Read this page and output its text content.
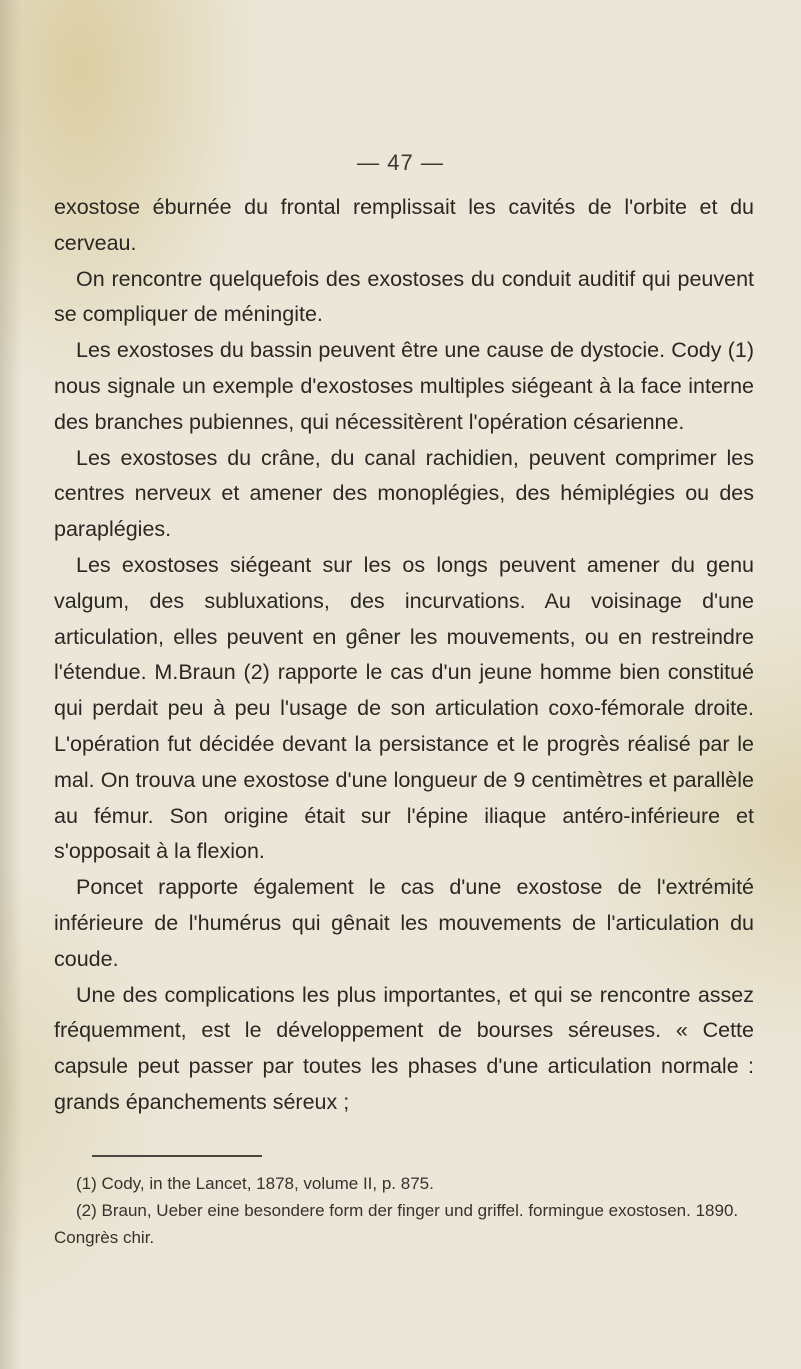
— 47 —

exostose éburnée du frontal remplissait les cavités de l'orbite et du cerveau.

On rencontre quelquefois des exostoses du conduit auditif qui peuvent se compliquer de méningite.

Les exostoses du bassin peuvent être une cause de dystocie. Cody (1) nous signale un exemple d'exostoses multiples siégeant à la face interne des branches pubiennes, qui nécessitèrent l'opération césarienne.

Les exostoses du crâne, du canal rachidien, peuvent comprimer les centres nerveux et amener des monoplégies, des hémiplégies ou des paraplégies.

Les exostoses siégeant sur les os longs peuvent amener du genu valgum, des subluxations, des incurvations. Au voisinage d'une articulation, elles peuvent en gêner les mouvements, ou en restreindre l'étendue. M.Braun (2) rapporte le cas d'un jeune homme bien constitué qui perdait peu à peu l'usage de son articulation coxo-fémorale droite. L'opération fut décidée devant la persistance et le progrès réalisé par le mal. On trouva une exostose d'une longueur de 9 centimètres et parallèle au fémur. Son origine était sur l'épine iliaque antéro-inférieure et s'opposait à la flexion.

Poncet rapporte également le cas d'une exostose de l'extrémité inférieure de l'humérus qui gênait les mouvements de l'articulation du coude.

Une des complications les plus importantes, et qui se rencontre assez fréquemment, est le développement de bourses séreuses. « Cette capsule peut passer par toutes les phases d'une articulation normale : grands épanchements séreux ;

(1) Cody, in the Lancet, 1878, volume II, p. 875.

(2) Braun, Ueber eine besondere form der finger und griffel. formingue exostosen. 1890. Congrès chir.
